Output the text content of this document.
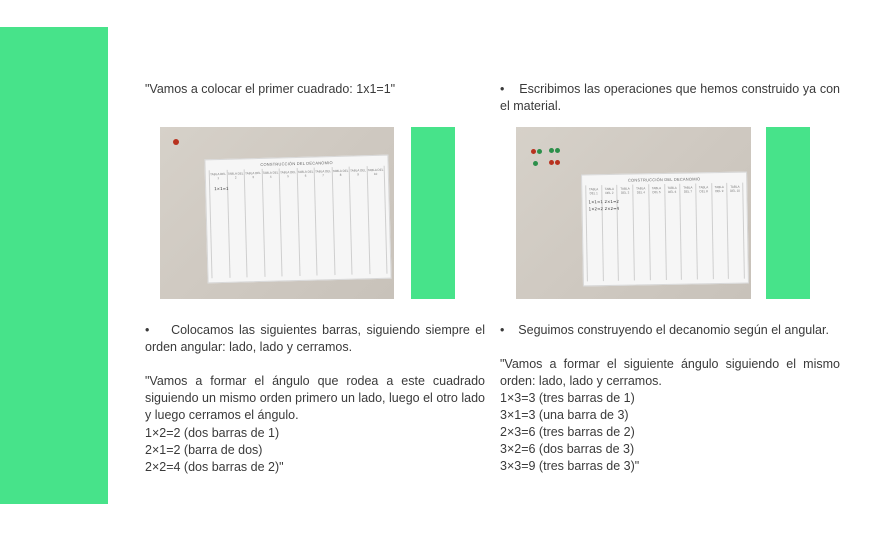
"Vamos a colocar el primer cuadrado: 1x1=1"
CONSTRUCCIÓN DEL DECANOMIO
TABLA DEL 1
TABLA DEL 2
TABLA DEL 3
TABLA DEL 4
TABLA DEL 5
TABLA DEL 6
TABLA DEL 7
TABLA DEL 8
TABLA DEL 9
TABLA DEL 10
1×1=1
• Colocamos las siguientes barras, siguiendo siempre el orden angular: lado, lado y cerramos.
"Vamos a formar el ángulo que rodea a este cuadrado siguiendo un mismo orden primero un lado, luego el otro lado y luego cerramos el ángulo.
1×2=2 (dos barras de 1)
2×1=2 (barra de dos)
2×2=4 (dos barras de 2)"
• Escribimos las operaciones que hemos construido ya con el material.
CONSTRUCCIÓN DEL DECANOMIO
TABLA DEL 1
TABLA DEL 2
TABLA DEL 3
TABLA DEL 4
TABLA DEL 5
TABLA DEL 6
TABLA DEL 7
TABLA DEL 8
TABLA DEL 9
TABLA DEL 10
1×1=1
1×2=2
2×1=2
2×2=4
• Seguimos construyendo el decanomio según el angular.
"Vamos a formar el siguiente ángulo siguiendo el mismo orden: lado, lado y cerramos.
1×3=3 (tres barras de 1)
3×1=3 (una barra de 3)
2×3=6 (tres barras de 2)
3×2=6 (dos barras de 3)
3×3=9 (tres barras de 3)"
